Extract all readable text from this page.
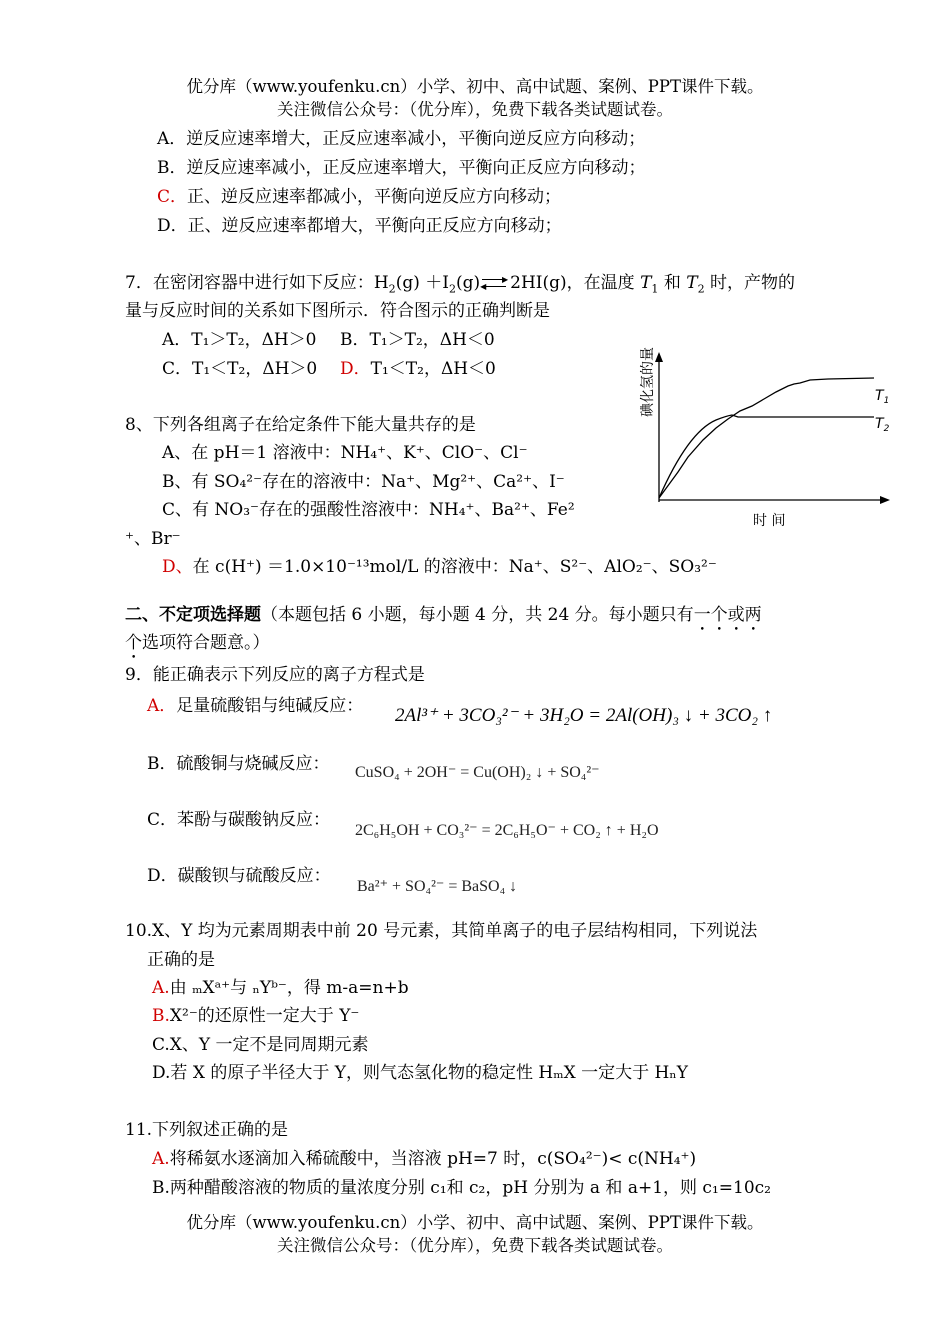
优分库（www.youfenku.cn）小学、初中、高中试题、案例、PPT课件下载。
关注微信公众号：（优分库），免费下载各类试题试卷。
A．逆反应速率增大，正反应速率减小，平衡向逆反应方向移动；
B．逆反应速率减小，正反应速率增大，平衡向正反应方向移动；
C．正、逆反应速率都减小，平衡向逆反应方向移动；
D．正、逆反应速率都增大，平衡向正反应方向移动；
7．在密闭容器中进行如下反应：$H_2(g) +I_2(g)$	▶
◀ 2HI(g)，在温度 $T_1$ 和 $T_2$ 时，产物的
量与反应时间的关系如下图所示．符合图示的正确判断是
A．T₁＞T₂，ΔH＞0 B．T₁＞T₂，ΔH＜0
C．T₁＜T₂，ΔH＞0 D．T₁＜T₂，ΔH＜0	碘化氢的量
时 间
$T_1$
$T_2$
8、下列各组离子在给定条件下能大量共存的是
A、在 pH＝1 溶液中：NH₄⁺、K⁺、ClO⁻、Cl⁻
B、有 SO₄²⁻存在的溶液中：Na⁺、Mg²⁺、Ca²⁺、I⁻
C、有 NO₃⁻存在的强酸性溶液中：NH₄⁺、Ba²⁺、Fe²
⁺、Br⁻
D、在 c(H⁺) ＝1.0×10⁻¹³mol/L 的溶液中：Na⁺、S²⁻、AlO₂⁻、SO₃²⁻
二、不定项选择题（本题包括 6 小题，每小题 4 分，共 24 分。每小题只有一个或两
个选项符合题意。）
9．能正确表示下列反应的离子方程式是
A．足量硫酸铝与纯碱反应： 2Al³⁺ + 3CO₃²⁻ + 3H₂O = 2Al(OH)₃ ↓ + 3CO₂ ↑
B．硫酸铜与烧碱反应： CuSO₄ + 2OH⁻ = Cu(OH)₂ ↓ + SO₄²⁻
C．苯酚与碳酸钠反应：
2C₆H₅OH + CO₃²⁻ = 2C₆H₅O⁻ + CO₂ ↑ + H₂O
D．碳酸钡与硫酸反应：
Ba²⁺ + SO₄²⁻ = BaSO₄ ↓
10.X、Y 均为元素周期表中前 20 号元素，其简单离子的电子层结构相同，下列说法
正确的是
A.由 ₘXᵃ⁺与 ₙYᵇ⁻，得 m-a=n+b
B.X²⁻的还原性一定大于 Y⁻
C.X、Y 一定不是同周期元素
D.若 X 的原子半径大于 Y，则气态氢化物的稳定性 HₘX 一定大于 HₙY
11.下列叙述正确的是
A.将稀氨水逐滴加入稀硫酸中，当溶液 pH=7 时，c(SO₄²⁻)< c(NH₄⁺)
B.两种醋酸溶液的物质的量浓度分别 c₁和 c₂，pH 分别为 a 和 a+1，则 c₁=10c₂
优分库（www.youfenku.cn）小学、初中、高中试题、案例、PPT课件下载。
关注微信公众号：（优分库），免费下载各类试题试卷。
